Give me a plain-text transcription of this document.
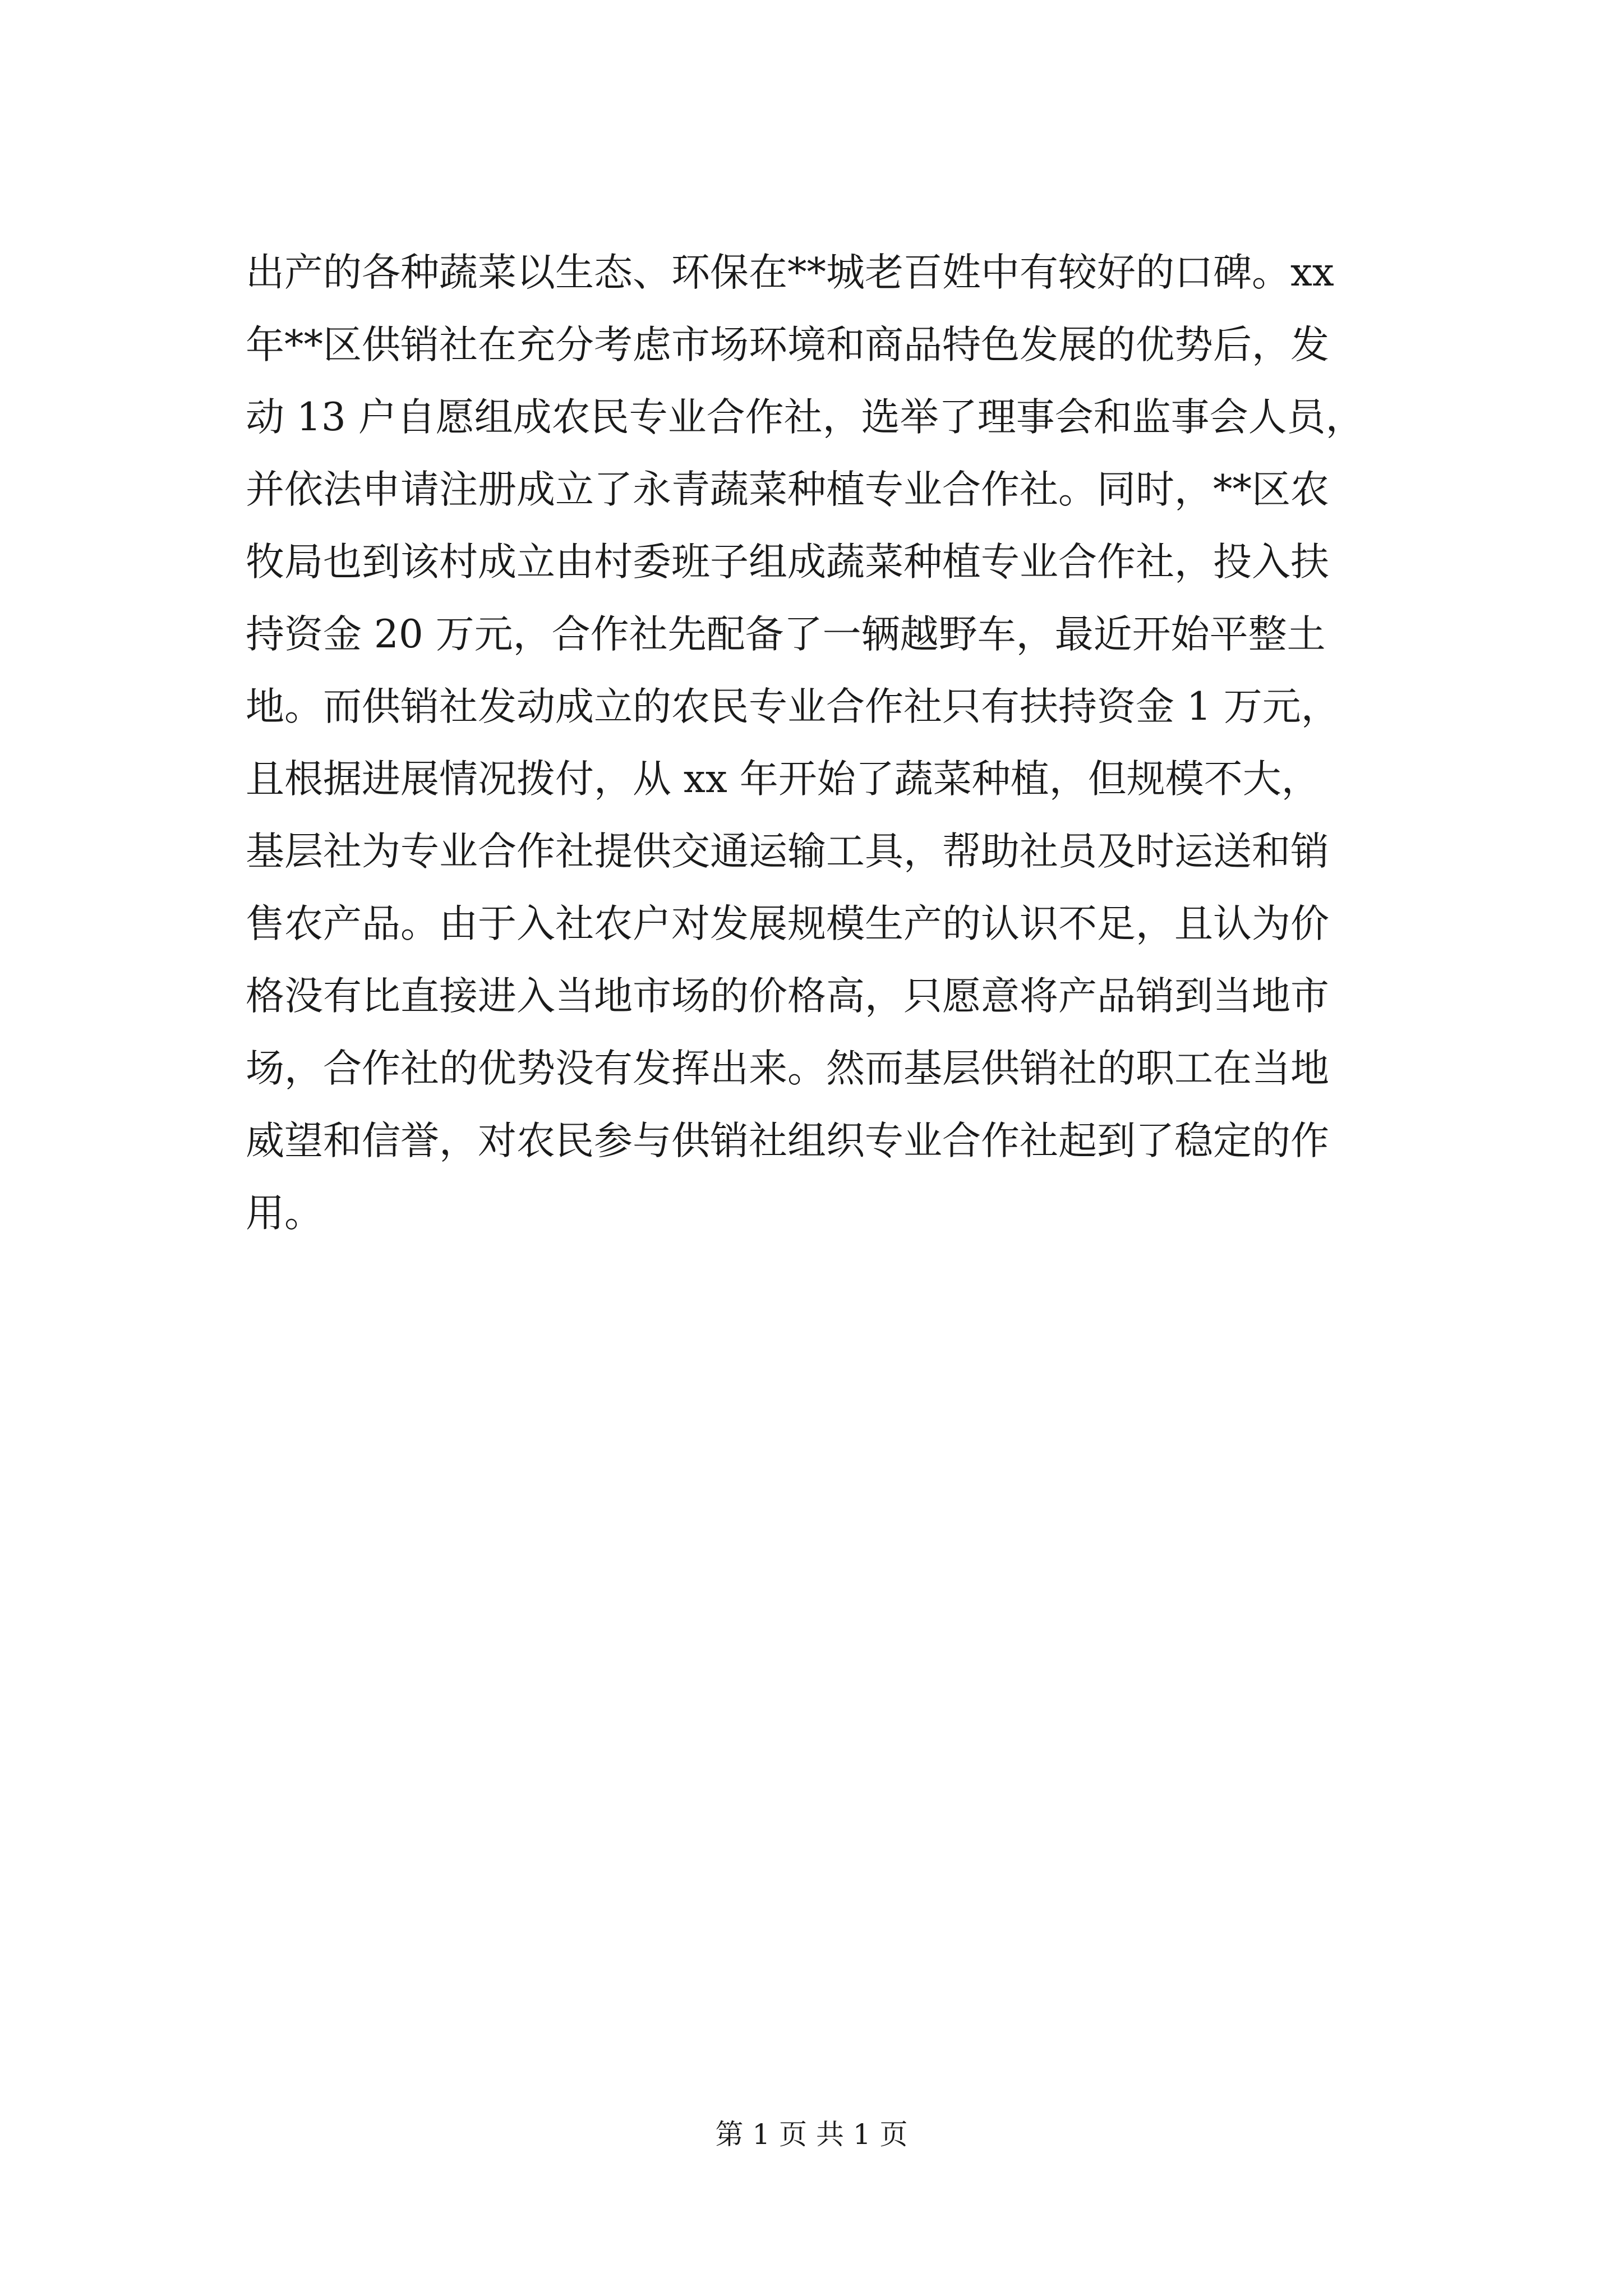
出产的各种蔬菜以生态、环保在**城老百姓中有较好的口碑。xx
年**区供销社在充分考虑市场环境和商品特色发展的优势后，发
动 13 户自愿组成农民专业合作社，选举了理事会和监事会人员，
并依法申请注册成立了永青蔬菜种植专业合作社。同时，**区农
牧局也到该村成立由村委班子组成蔬菜种植专业合作社，投入扶
持资金 20 万元，合作社先配备了一辆越野车，最近开始平整土
地。而供销社发动成立的农民专业合作社只有扶持资金 1 万元，
且根据进展情况拨付，从 xx 年开始了蔬菜种植，但规模不大，
基层社为专业合作社提供交通运输工具，帮助社员及时运送和销
售农产品。由于入社农户对发展规模生产的认识不足，且认为价
格没有比直接进入当地市场的价格高，只愿意将产品销到当地市
场，合作社的优势没有发挥出来。然而基层供销社的职工在当地
威望和信誉，对农民参与供销社组织专业合作社起到了稳定的作
用。
第 1 页 共 1 页
